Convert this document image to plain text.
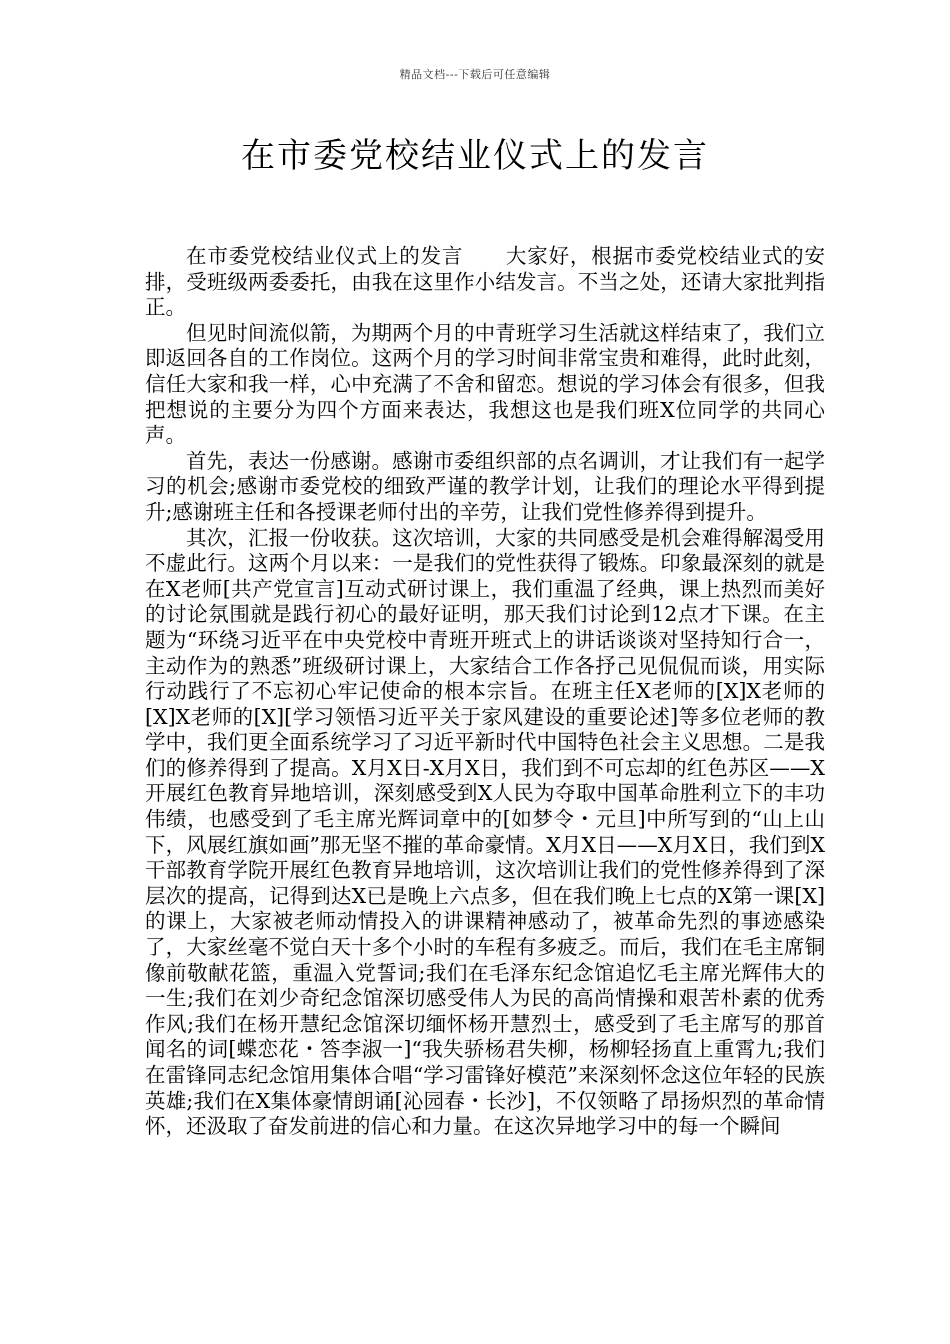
精品文档---下载后可任意编辑
在市委党校结业仪式上的发言

在市委党校结业仪式上的发言　　大家好，根据市委党校结业式的安排，受班级两委委托，由我在这里作小结发言。不当之处，还请大家批判指正。

但见时间流似箭，为期两个月的中青班学习生活就这样结束了，我们立即返回各自的工作岗位。这两个月的学习时间非常宝贵和难得，此时此刻，信任大家和我一样，心中充满了不舍和留恋。想说的学习体会有很多，但我把想说的主要分为四个方面来表达，我想这也是我们班X位同学的共同心声。

首先，表达一份感谢。感谢市委组织部的点名调训，才让我们有一起学习的机会;感谢市委党校的细致严谨的教学计划，让我们的理论水平得到提升;感谢班主任和各授课老师付出的辛劳，让我们党性修养得到提升。

其次，汇报一份收获。这次培训，大家的共同感受是机会难得解渴受用不虚此行。这两个月以来：一是我们的党性获得了锻炼。印象最深刻的就是在X老师[共产党宣言]互动式研讨课上，我们重温了经典，课上热烈而美好的讨论氛围就是践行初心的最好证明，那天我们讨论到12点才下课。在主题为“环绕习近平在中央党校中青班开班式上的讲话谈谈对坚持知行合一，主动作为的熟悉”班级研讨课上，大家结合工作各抒己见侃侃而谈，用实际行动践行了不忘初心牢记使命的根本宗旨。在班主任X老师的[X]X老师的[X]X老师的[X][学习领悟习近平关于家风建设的重要论述]等多位老师的教学中，我们更全面系统学习了习近平新时代中国特色社会主义思想。二是我们的修养得到了提高。X月X日-X月X日，我们到不可忘却的红色苏区——X开展红色教育异地培训，深刻感受到X人民为夺取中国革命胜利立下的丰功伟绩，也感受到了毛主席光辉词章中的[如梦令・元旦]中所写到的“山上山下，风展红旗如画”那无坚不摧的革命豪情。X月X日——X月X日，我们到X干部教育学院开展红色教育异地培训，这次培训让我们的党性修养得到了深层次的提高，记得到达X已是晚上六点多，但在我们晚上七点的X第一课[X]的课上，大家被老师动情投入的讲课精神感动了，被革命先烈的事迹感染了，大家丝毫不觉白天十多个小时的车程有多疲乏。而后，我们在毛主席铜像前敬献花篮，重温入党誓词;我们在毛泽东纪念馆追忆毛主席光辉伟大的一生;我们在刘少奇纪念馆深切感受伟人为民的高尚情操和艰苦朴素的优秀作风;我们在杨开慧纪念馆深切缅怀杨开慧烈士，感受到了毛主席写的那首闻名的词[蝶恋花・答李淑一]“我失骄杨君失柳，杨柳轻扬直上重霄九;我们在雷锋同志纪念馆用集体合唱“学习雷锋好模范”来深刻怀念这位年轻的民族英雄;我们在X集体豪情朗诵[沁园春・长沙]，不仅领略了昂扬炽烈的革命情怀，还汲取了奋发前进的信心和力量。在这次异地学习中的每一个瞬间
